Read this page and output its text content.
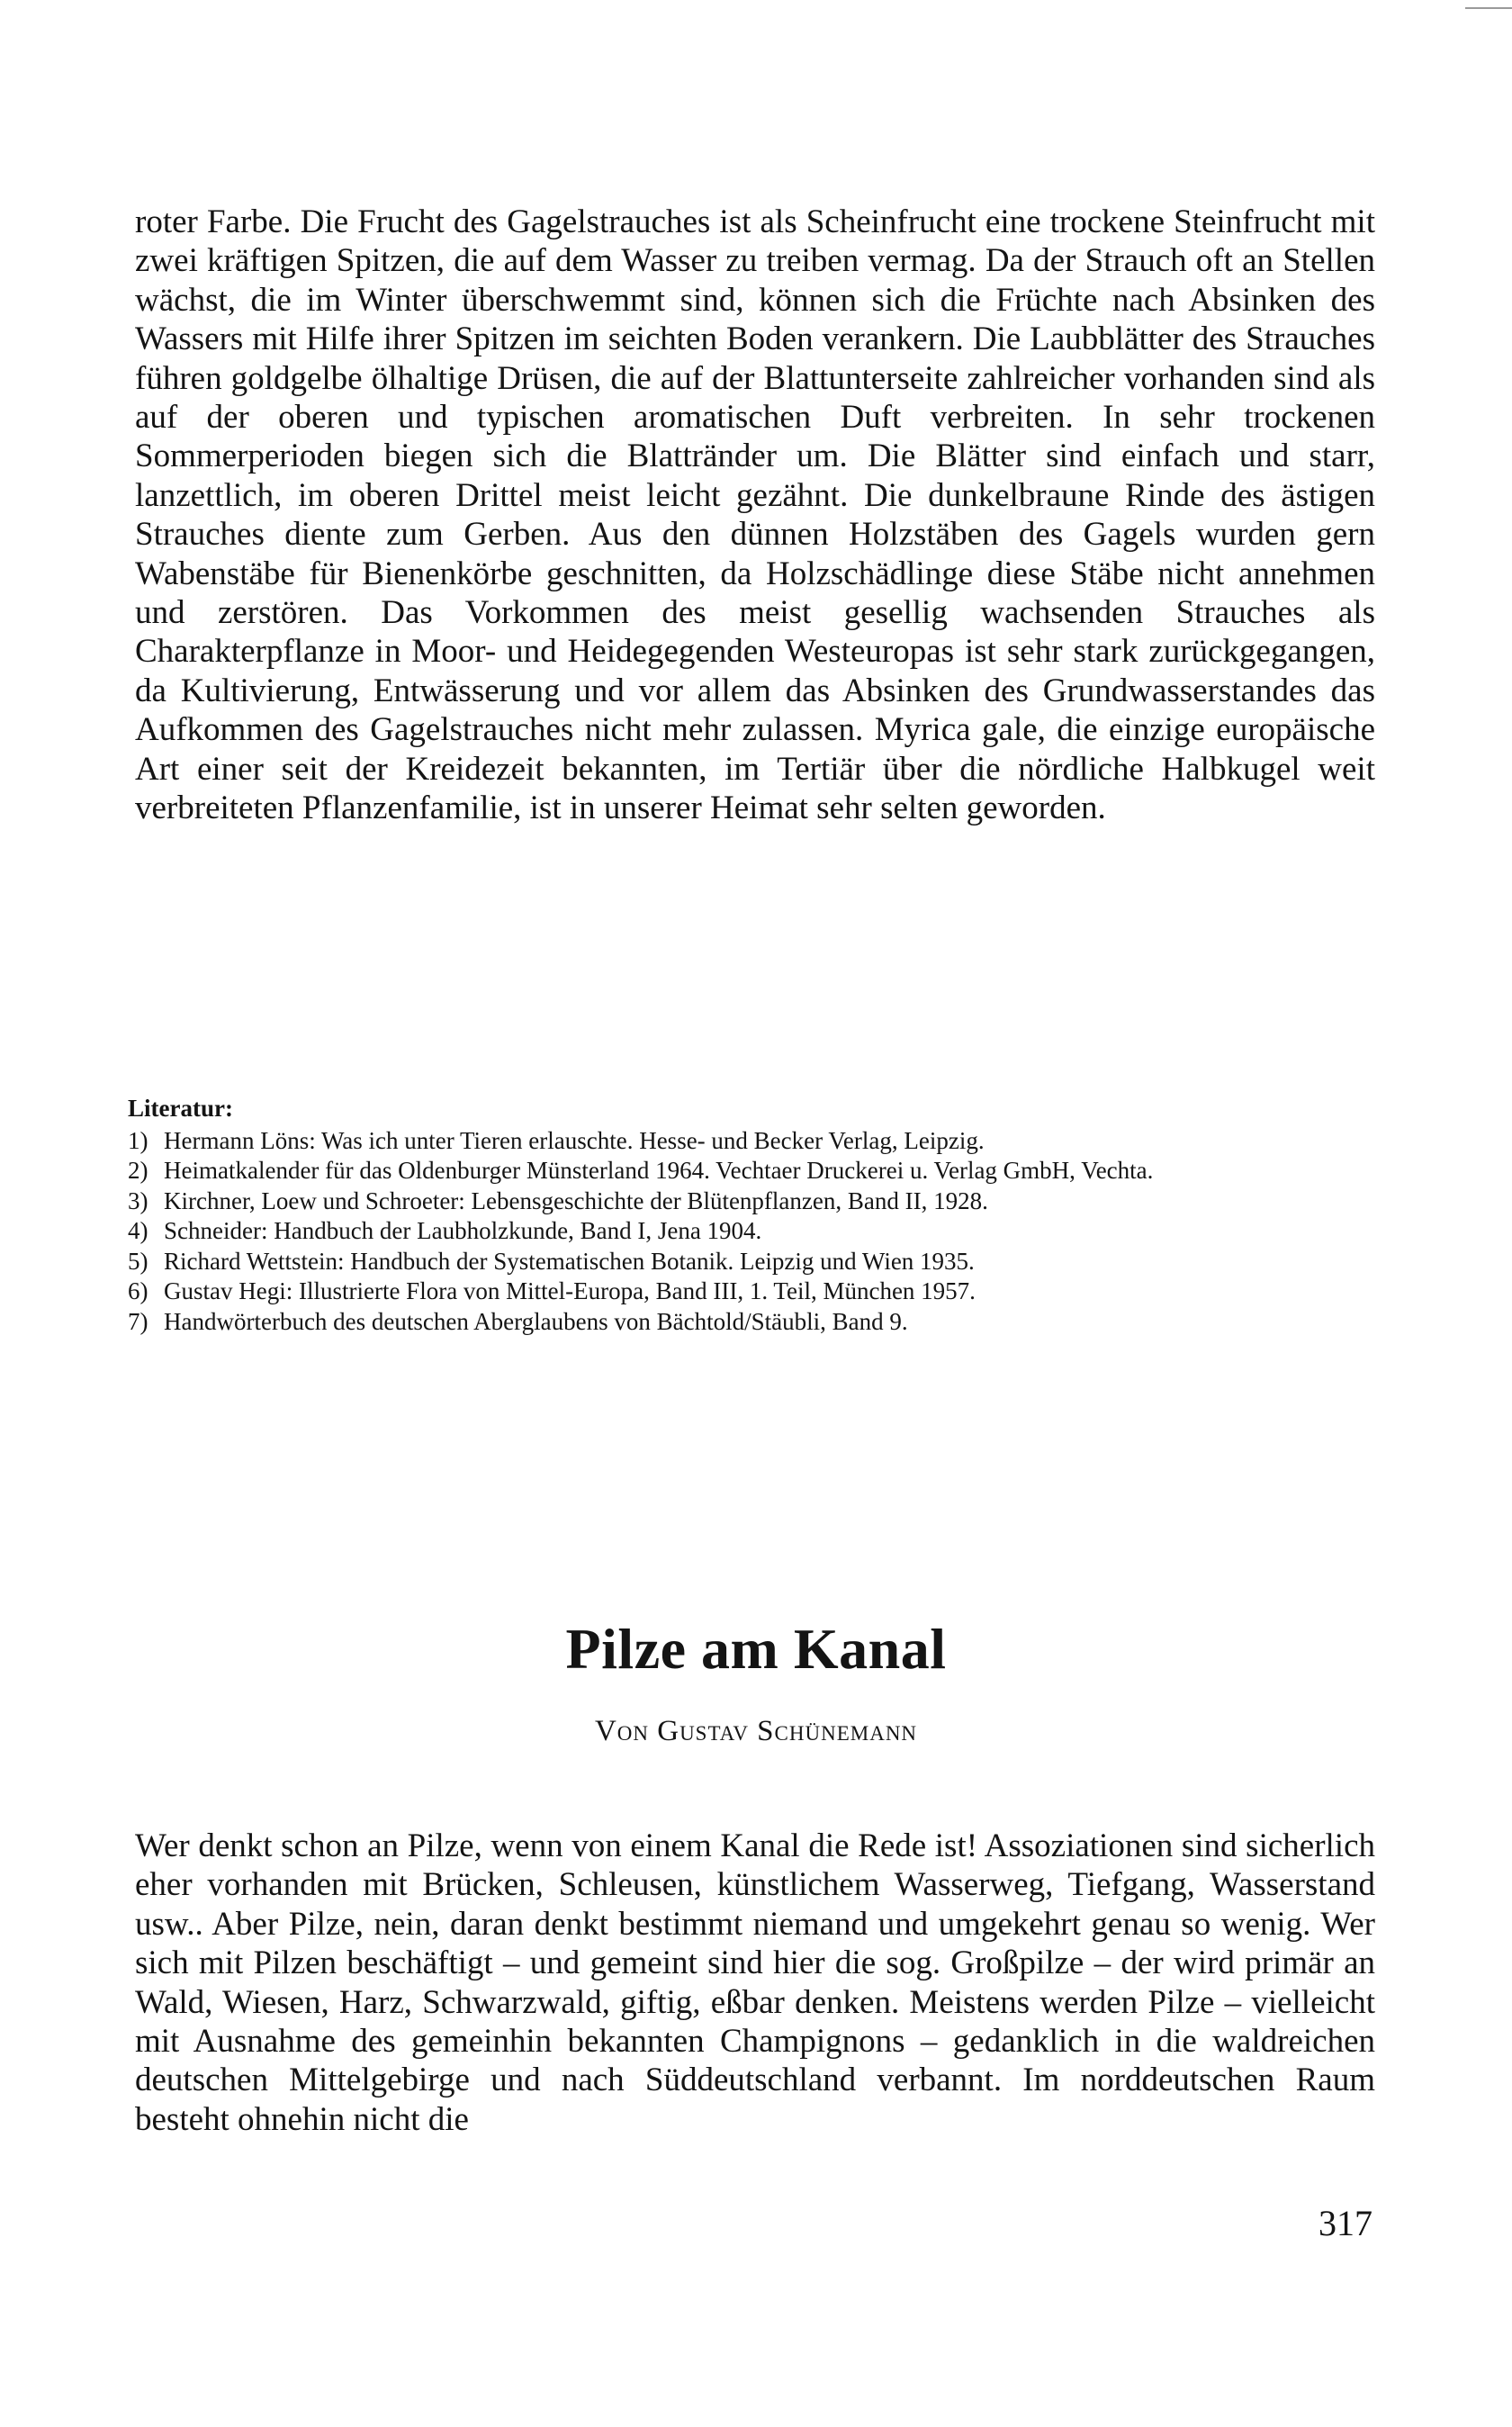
roter Farbe. Die Frucht des Gagelstrauches ist als Scheinfrucht eine trockene Steinfrucht mit zwei kräftigen Spitzen, die auf dem Wasser zu treiben vermag. Da der Strauch oft an Stellen wächst, die im Winter überschwemmt sind, können sich die Früchte nach Absinken des Wassers mit Hilfe ihrer Spitzen im seichten Boden verankern. Die Laubblätter des Strauches führen goldgelbe ölhaltige Drüsen, die auf der Blattunterseite zahlreicher vorhanden sind als auf der oberen und typischen aromatischen Duft verbreiten. In sehr trockenen Sommerperioden biegen sich die Blattränder um. Die Blätter sind einfach und starr, lanzettlich, im oberen Drittel meist leicht gezähnt. Die dunkelbraune Rinde des ästigen Strauches diente zum Gerben. Aus den dünnen Holzstäben des Gagels wurden gern Wabenstäbe für Bienenkörbe geschnitten, da Holzschädlinge diese Stäbe nicht annehmen und zerstören. Das Vorkommen des meist gesellig wachsenden Strauches als Charakterpflanze in Moor- und Heidegegenden Westeuropas ist sehr stark zurückgegangen, da Kultivierung, Entwässerung und vor allem das Absinken des Grundwasserstandes das Aufkommen des Gagelstrauches nicht mehr zulassen. Myrica gale, die einzige europäische Art einer seit der Kreidezeit bekannten, im Tertiär über die nördliche Halbkugel weit verbreiteten Pflanzenfamilie, ist in unserer Heimat sehr selten geworden.

Literatur:

1) Hermann Löns: Was ich unter Tieren erlauschte. Hesse- und Becker Verlag, Leipzig.
2) Heimatkalender für das Oldenburger Münsterland 1964. Vechtaer Druckerei u. Verlag GmbH, Vechta.
3) Kirchner, Loew und Schroeter: Lebensgeschichte der Blütenpflanzen, Band II, 1928.
4) Schneider: Handbuch der Laubholzkunde, Band I, Jena 1904.
5) Richard Wettstein: Handbuch der Systematischen Botanik. Leipzig und Wien 1935.
6) Gustav Hegi: Illustrierte Flora von Mittel-Europa, Band III, 1. Teil, München 1957.
7) Handwörterbuch des deutschen Aberglaubens von Bächtold/Stäubli, Band 9.
Pilze am Kanal

Von Gustav Schünemann

Wer denkt schon an Pilze, wenn von einem Kanal die Rede ist! Assoziationen sind sicherlich eher vorhanden mit Brücken, Schleusen, künstlichem Wasserweg, Tiefgang, Wasserstand usw.. Aber Pilze, nein, daran denkt bestimmt niemand und umgekehrt genau so wenig. Wer sich mit Pilzen beschäftigt – und gemeint sind hier die sog. Großpilze – der wird primär an Wald, Wiesen, Harz, Schwarzwald, giftig, eßbar denken. Meistens werden Pilze – vielleicht mit Ausnahme des gemeinhin bekannten Champignons – gedanklich in die waldreichen deutschen Mittelgebirge und nach Süddeutschland verbannt. Im norddeutschen Raum besteht ohnehin nicht die

317
